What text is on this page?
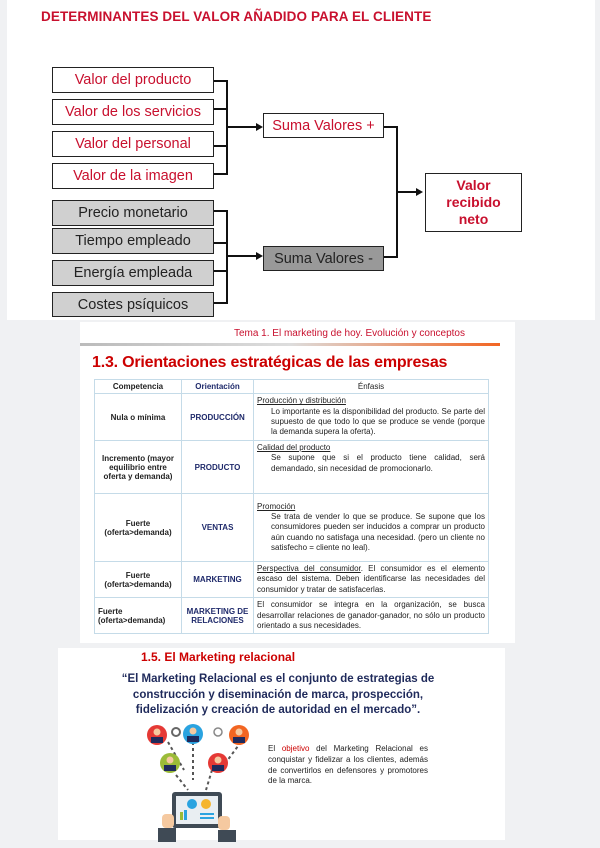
DETERMINANTES DEL VALOR AÑADIDO PARA EL CLIENTE
Valor del producto
Valor de los servicios
Valor del personal
Valor de la imagen
Precio monetario
Tiempo empleado
Energía empleada
Costes psíquicos
Suma Valores +
Suma Valores -
Valor recibido neto
Tema 1. El marketing de hoy. Evolución y conceptos
1.3. Orientaciones estratégicas de las empresas
Competencia	Orientación	Énfasis
Nula o mínima	PRODUCCIÓN	Producción y distribución
Lo importante es la disponibilidad del producto. Se parte del supuesto de que todo lo que se produce se vende (porque la demanda supera la oferta).

Incremento (mayor equilibrio entre oferta y demanda)	PRODUCTO	Calidad del producto
Se supone que si el producto tiene calidad, será demandado, sin necesidad de promocionarlo.

Fuerte (oferta>demanda)	VENTAS	Promoción
Se trata de vender lo que se produce. Se supone que los consumidores pueden ser inducidos a comprar un producto aún cuando no satisfaga una necesidad. (pero un cliente no satisfecho = cliente no leal).

Fuerte (oferta>demanda)	MARKETING	Perspectiva del consumidor. El consumidor es el elemento escaso del sistema. Deben identificarse las necesidades del consumidor y tratar de satisfacerlas.
Fuerte (oferta>demanda)	MARKETING DE RELACIONES	El consumidor se integra en la organización, se busca desarrollar relaciones de ganador-ganador, no sólo un producto orientado a sus necesidades.
1.5. El Marketing relacional
“El Marketing Relacional es el conjunto de estrategias de construcción y diseminación de marca, prospección, fidelización y creación de autoridad en el mercado”.
El objetivo del Marketing Relacional es conquistar y fidelizar a los clientes, además de convertirlos en defensores y promotores de la marca.
